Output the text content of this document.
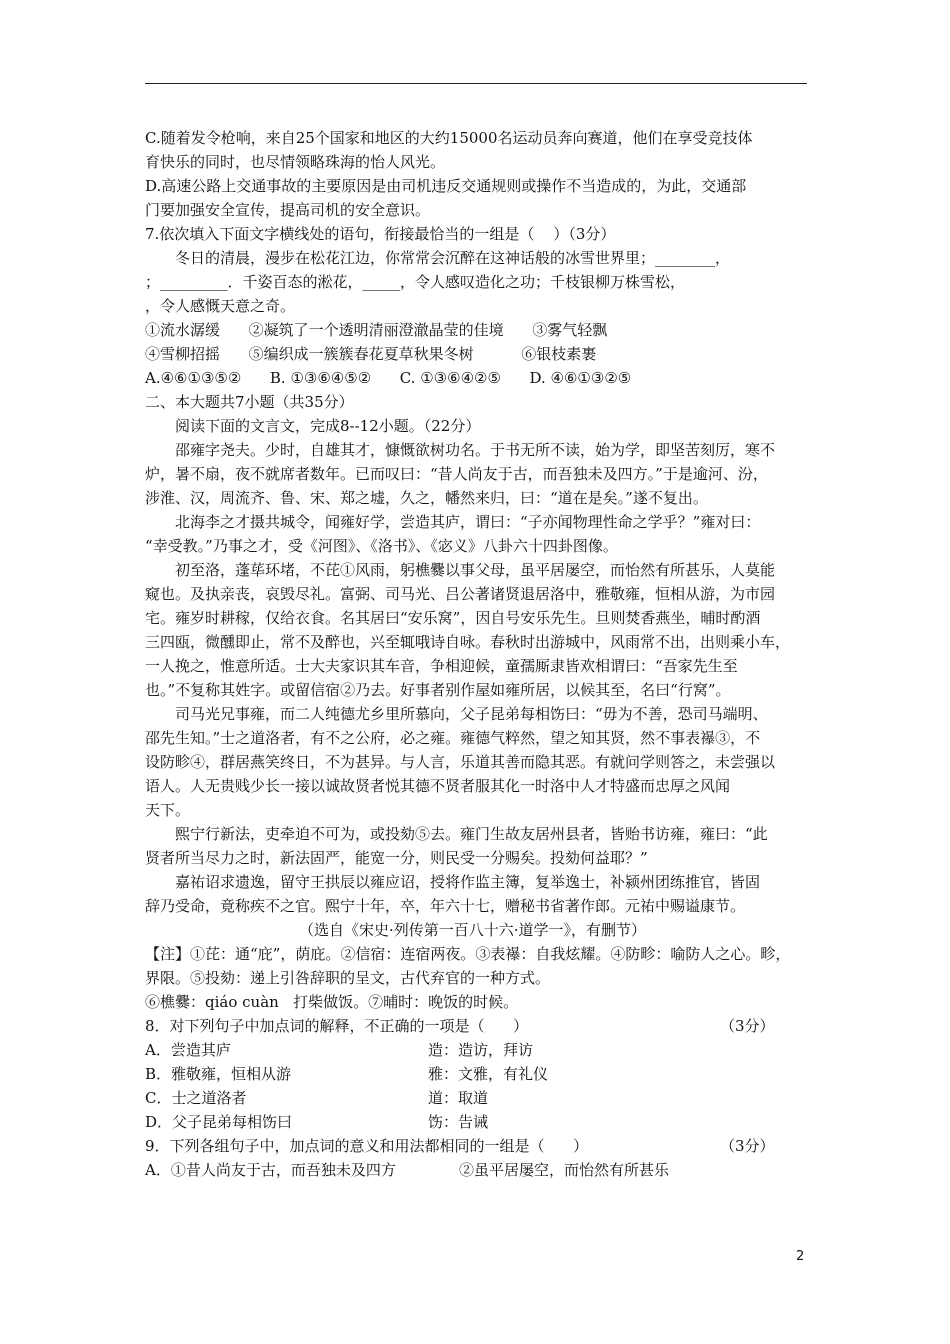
C.随着发令枪响，来自25个国家和地区的大约15000名运动员奔向赛道，他们在享受竞技体
育快乐的同时，也尽情领略珠海的怡人风光。
D.高速公路上交通事故的主要原因是由司机违反交通规则或操作不当造成的，为此，交通部
门要加强安全宣传，提高司机的安全意识。
7.依次填入下面文字横线处的语句，衔接最恰当的一组是（    ）（3分）
冬日的清晨，漫步在松花江边，你常常会沉醉在这神话般的冰雪世界里；________，
；_________．千姿百态的淞花，_____，令人感叹造化之功；千枝银柳万株雪松，
，令人感慨天意之奇。
①流水潺缓      ②凝筑了一个透明清丽澄澈晶莹的佳境      ③雾气轻飘
④雪柳招摇      ⑤编织成一簇簇春花夏草秋果冬树          ⑥银枝素裹
A.④⑥①③⑤②      B. ①③⑥④⑤②      C. ①③⑥④②⑤      D. ④⑥①③②⑤
二、本大题共7小题（共35分）
阅读下面的文言文，完成8--12小题。（22分）
邵雍字尧夫。少时，自雄其才，慷慨欲树功名。于书无所不读，始为学，即坚苦刻厉，寒不
炉，暑不扇，夜不就席者数年。已而叹曰：“昔人尚友于古，而吾独未及四方。”于是逾河、汾，
涉淮、汉，周流齐、鲁、宋、郑之墟，久之，幡然来归，曰：“道在是矣。”遂不复出。
北海李之才摄共城令，闻雍好学，尝造其庐，谓曰：“子亦闻物理性命之学乎？”雍对曰：
“幸受教。”乃事之才，受《河图》、《洛书》、《宓义》八卦六十四卦图像。
初至洛，蓬荜环堵，不芘①风雨，躬樵爨以事父母，虽平居屡空，而怡然有所甚乐，人莫能
窥也。及执亲丧，哀毁尽礼。富弼、司马光、吕公著诸贤退居洛中，雅敬雍，恒相从游，为市园
宅。雍岁时耕稼，仅给衣食。名其居曰“安乐窝”，因自号安乐先生。旦则焚香燕坐，晡时酌酒
三四瓯，微醺即止，常不及醉也，兴至辄哦诗自咏。春秋时出游城中，风雨常不出，出则乘小车，
一人挽之，惟意所适。士大夫家识其车音，争相迎候，童孺厮隶皆欢相谓曰：“吾家先生至
也。”不复称其姓字。或留信宿②乃去。好事者别作屋如雍所居，以候其至，名曰“行窝”。
司马光兄事雍，而二人纯德尤乡里所慕向，父子昆弟每相饬曰：“毋为不善，恐司马端明、
邵先生知。”士之道洛者，有不之公府，必之雍。雍德气粹然，望之知其贤，然不事表襮③，不
设防畛④，群居燕笑终日，不为甚异。与人言，乐道其善而隐其恶。有就问学则答之，未尝强以
语人。人无贵贱少长一接以诚故贤者悦其德不贤者服其化一时洛中人才特盛而忠厚之风闻
天下。
熙宁行新法，吏牵迫不可为，或投劾⑤去。雍门生故友居州县者，皆贻书访雍，雍曰：“此
贤者所当尽力之时，新法固严，能宽一分，则民受一分赐矣。投劾何益耶？”
嘉祐诏求遗逸，留守王拱辰以雍应诏，授将作监主簿，复举逸士，补颍州团练推官，皆固
辞乃受命，竟称疾不之官。熙宁十年，卒，年六十七，赠秘书省著作郎。元祐中赐谥康节。
（选自《宋史·列传第一百八十六·道学一》，有删节）
【注】①芘：通“庇”，荫庇。②信宿：连宿两夜。③表襮：自我炫耀。④防畛：喻防人之心。畛，
界限。⑤投劾：递上引咎辞职的呈文，古代弃官的一种方式。
⑥樵爨：qiáo cuàn   打柴做饭。⑦晡时：晚饭的时候。
8．对下列句子中加点词的解释，不正确的一项是（      ）	（3分）
A．尝造其庐	造：造访，拜访
B．雅敬雍，恒相从游	雅：文雅，有礼仪
C．士之道洛者	道：取道
D．父子昆弟每相饬曰	饬：告诫
9．下列各组句子中，加点词的意义和用法都相同的一组是（      ）	（3分）
A．①昔人尚友于古，而吾独未及四方	②虽平居屡空，而怡然有所甚乐
2
